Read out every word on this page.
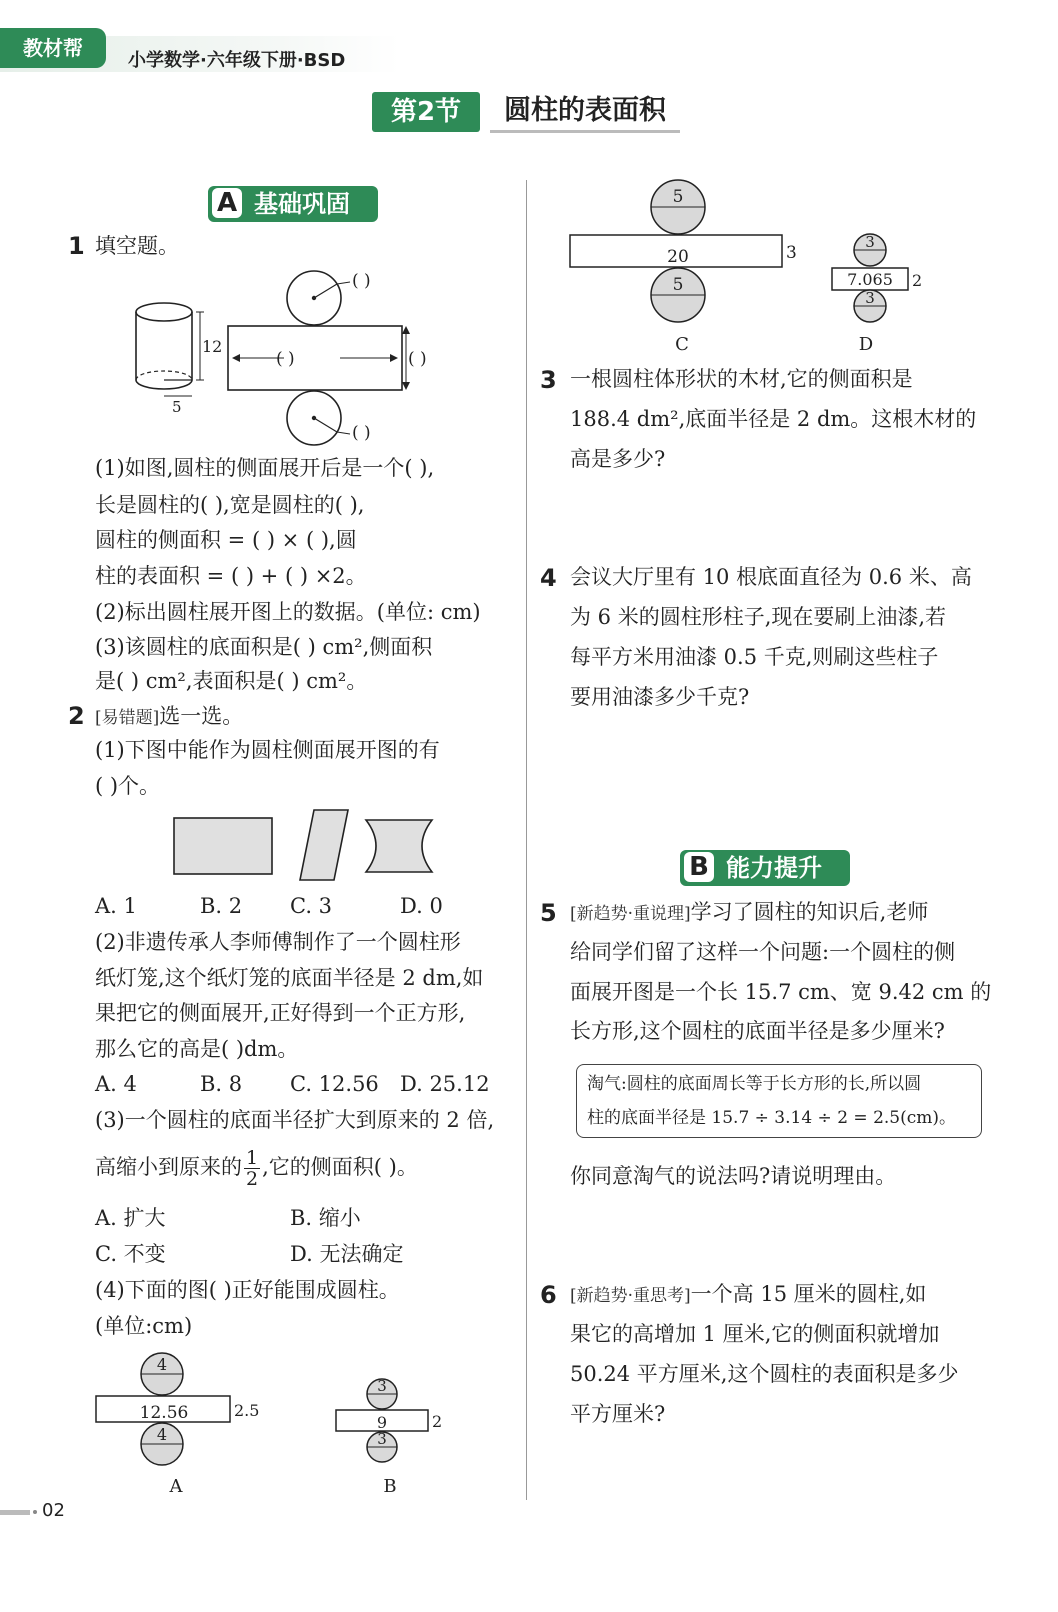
教材帮
小学数学·六年级下册·BSD
第2节	圆柱的表面积
A 基础巩固
1 填空题。
12
5
( )
( )	( )
( )
(1)如图,圆柱的侧面展开后是一个( ),
长是圆柱的( ),宽是圆柱的( ),
圆柱的侧面积 = ( ) × ( ),圆
柱的表面积 = ( ) + ( ) ×2。
(2)标出圆柱展开图上的数据。(单位: cm)
(3)该圆柱的底面积是( ) cm²,侧面积
是( ) cm²,表面积是( ) cm²。
2 [易错题]选一选。
(1)下图中能作为圆柱侧面展开图的有
( )个。
A. 1	B. 2 C. 3	D. 0
(2)非遗传承人李师傅制作了一个圆柱形
纸灯笼,这个纸灯笼的底面半径是 2 dm,如
果把它的侧面展开,正好得到一个正方形,
那么它的高是( )dm。
A. 4	B. 8 C. 12.56 D. 25.12
(3)一个圆柱的底面半径扩大到原来的 2 倍,
高缩小到原来的 $\frac{1}{2}$ ,它的侧面积( )。
A. 扩大	B. 缩小
C. 不变	D. 无法确定
(4)下面的图( )正好能围成圆柱。
(单位:cm)
4
12.56	2.5
4
A
3
9	2
3
B
02
5
20	3
5
C
3
7.065 2
3
D
3 一根圆柱体形状的木材,它的侧面积是
188.4 dm²,底面半径是 2 dm。这根木材的
高是多少?
4 会议大厅里有 10 根底面直径为 0.6 米、高
为 6 米的圆柱形柱子,现在要刷上油漆,若
每平方米用油漆 0.5 千克,则刷这些柱子
要用油漆多少千克?
B 能力提升
5 [新趋势·重说理]学习了圆柱的知识后,老师
给同学们留了这样一个问题:一个圆柱的侧
面展开图是一个长 15.7 cm、宽 9.42 cm 的
长方形,这个圆柱的底面半径是多少厘米?
淘气:圆柱的底面周长等于长方形的长,所以圆
柱的底面半径是 15.7 ÷ 3.14 ÷ 2 = 2.5(cm)。
你同意淘气的说法吗?请说明理由。
6 [新趋势·重思考]一个高 15 厘米的圆柱,如
果它的高增加 1 厘米,它的侧面积就增加
50.24 平方厘米,这个圆柱的表面积是多少
平方厘米?
